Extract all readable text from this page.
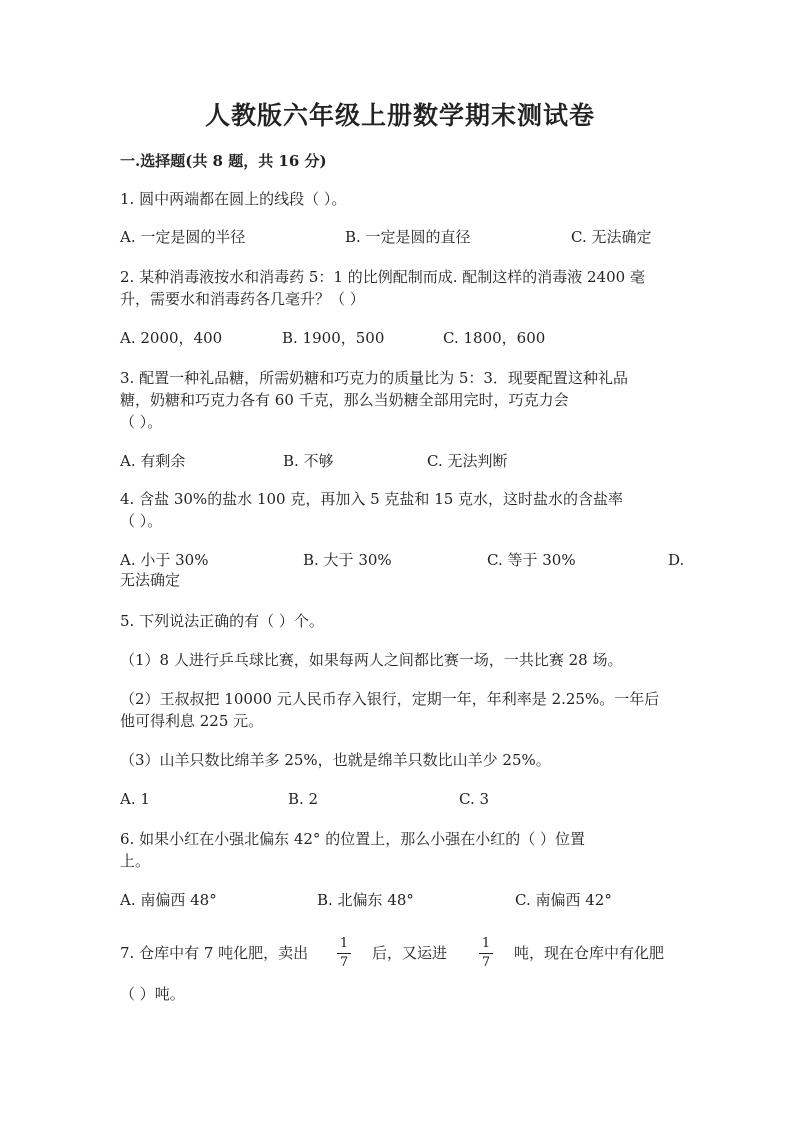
人教版六年级上册数学期末测试卷
一.选择题(共 8 题，共 16 分)
1. 圆中两端都在圆上的线段（ ）。
A. 一定是圆的半径	B. 一定是圆的直径	C. 无法确定
2. 某种消毒液按水和消毒药 5：1 的比例配制而成. 配制这样的消毒液 2400 毫
升，需要水和消毒药各几毫升？（ ）
A. 2000，400	B. 1900，500	C. 1800，600
3. 配置一种礼品糖，所需奶糖和巧克力的质量比为 5：3．现要配置这种礼品
糖，奶糖和巧克力各有 60 千克，那么当奶糖全部用完时，巧克力会
（ ）。
A. 有剩余	B. 不够	C. 无法判断
4. 含盐 30%的盐水 100 克，再加入 5 克盐和 15 克水，这时盐水的含盐率
（ ）。
A. 小于 30%	B. 大于 30%	C. 等于 30%	D.
无法确定
5. 下列说法正确的有（ ）个。
（1）8 人进行乒乓球比赛，如果每两人之间都比赛一场，一共比赛 28 场。
（2）王叔叔把 10000 元人民币存入银行，定期一年，年利率是 2.25%。一年后
他可得利息 225 元。
（3）山羊只数比绵羊多 25%，也就是绵羊只数比山羊少 25%。
A. 1	B. 2	C. 3
6. 如果小红在小强北偏东 42° 的位置上，那么小强在小红的（ ）位置
上。
A. 南偏西 48°	B. 北偏东 48°	C. 南偏西 42°
7. 仓库中有 7 吨化肥，卖出
1
7
后，又运进
1
7
吨，现在仓库中有化肥
（ ）吨。
